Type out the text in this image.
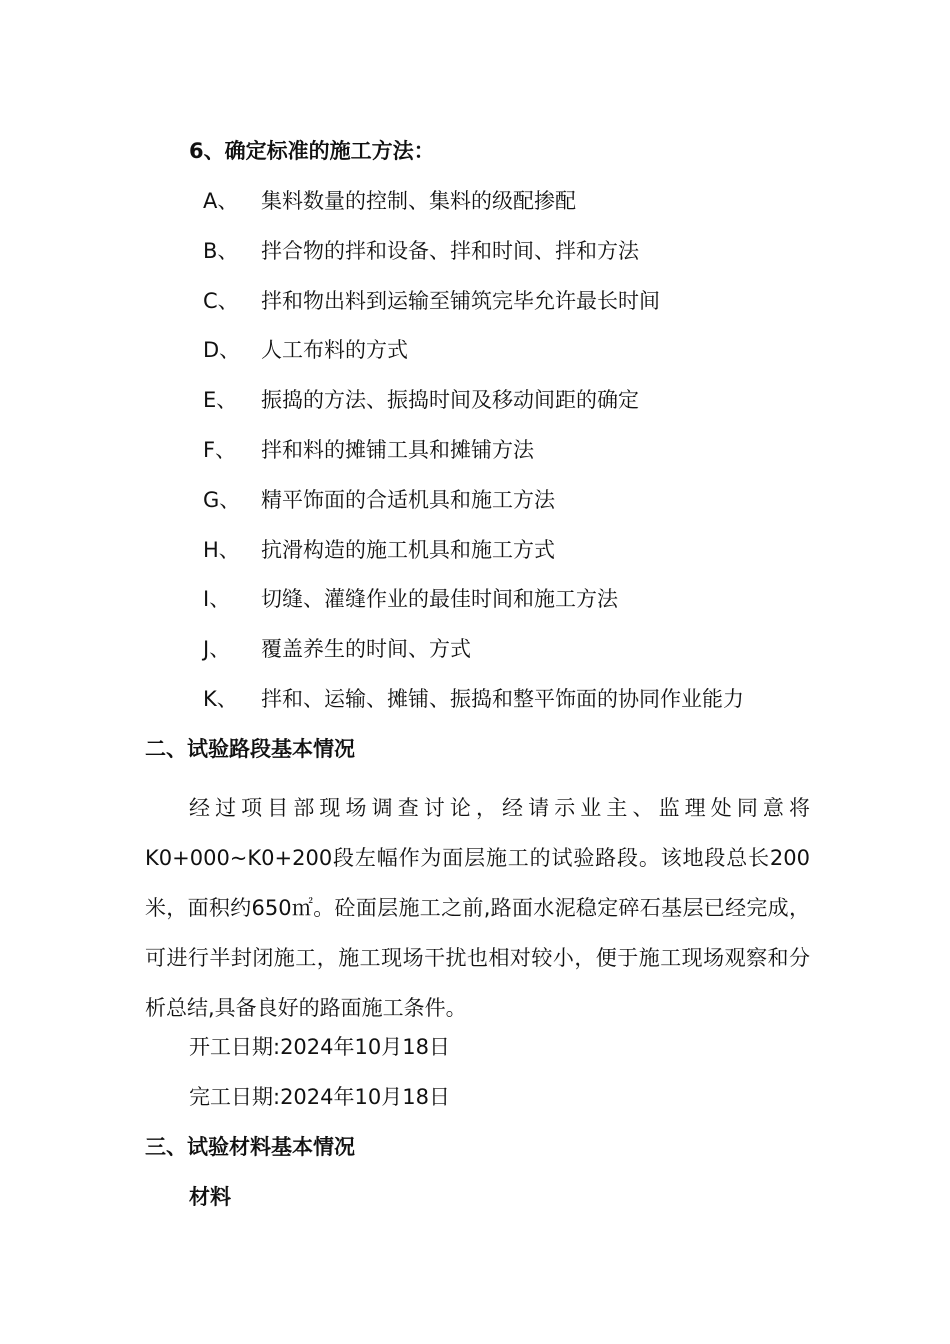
6、确定标准的施工方法：
A、	集料数量的控制、集料的级配掺配
B、	拌合物的拌和设备、拌和时间、拌和方法
C、	拌和物出料到运输至铺筑完毕允许最长时间
D、 人工布料的方式
E、	振捣的方法、振捣时间及移动间距的确定
F、	拌和料的摊铺工具和摊铺方法
G、 精平饰面的合适机具和施工方法
H、	抗滑构造的施工机具和施工方式
I、	切缝、灌缝作业的最佳时间和施工方法
J、	覆盖养生的时间、方式
K、	拌和、运输、摊铺、振捣和整平饰面的协同作业能力
二、试验路段基本情况

经过项目部现场调查讨论，经请示业主、监理处同意将K0+000~K0+200段左幅作为面层施工的试验路段。该地段总长200米，面积约650㎡。砼面层施工之前,路面水泥稳定碎石基层已经完成，可进行半封闭施工，施工现场干扰也相对较小，便于施工现场观察和分析总结,具备良好的路面施工条件。

开工日期:2024年10月18日
完工日期:2024年10月18日
三、试验材料基本情况
材料
